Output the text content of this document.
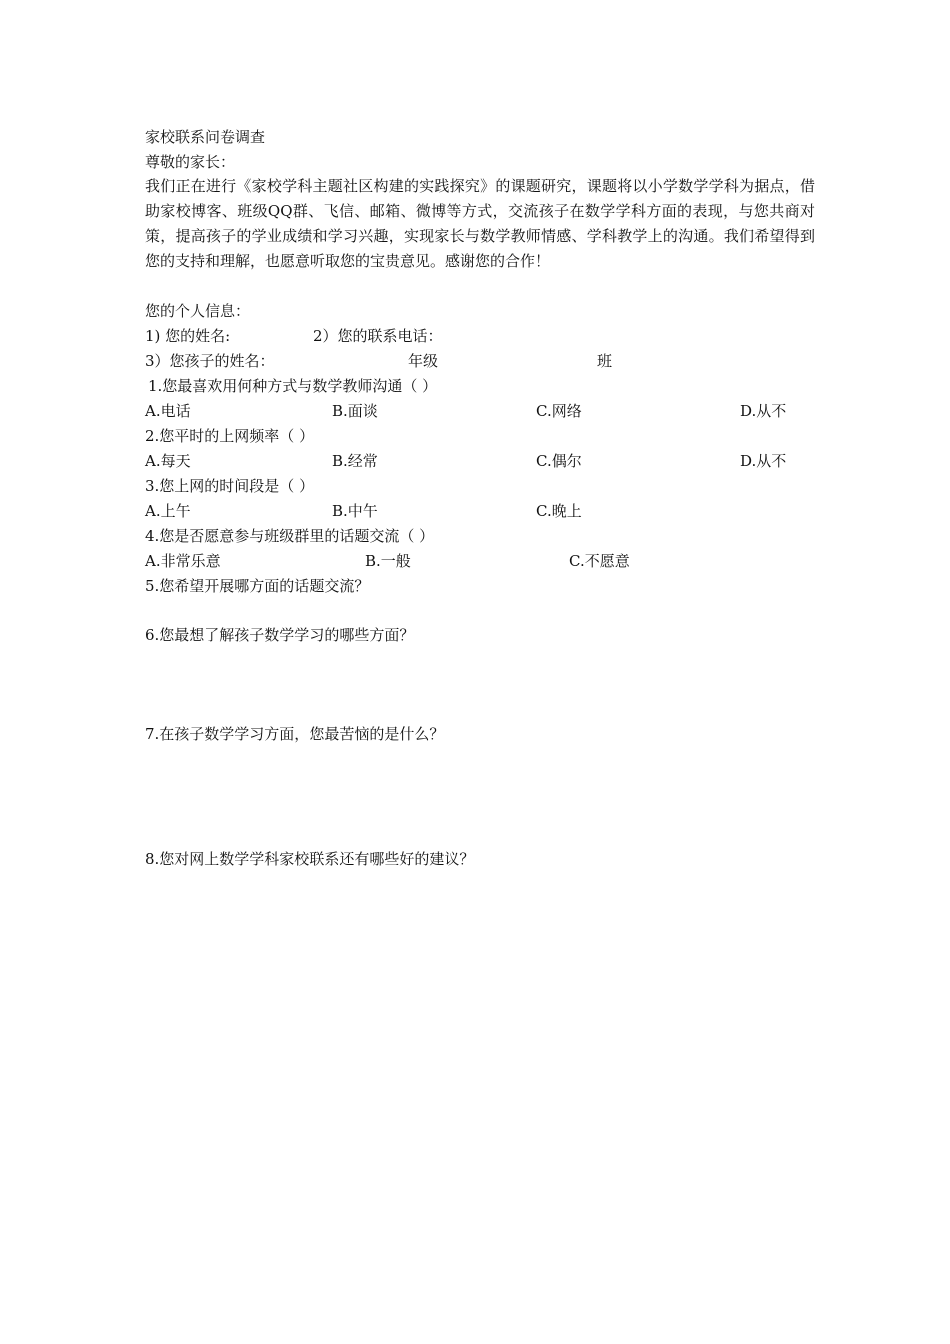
家校联系问卷调查
尊敬的家长：
我们正在进行《家校学科主题社区构建的实践探究》的课题研究，课题将以小学数学学科为据点，借助家校博客、班级QQ群、飞信、邮箱、微博等方式，交流孩子在数学学科方面的表现，与您共商对策，提高孩子的学业成绩和学习兴趣，实现家长与数学教师情感、学科教学上的沟通。我们希望得到您的支持和理解，也愿意听取您的宝贵意见。感谢您的合作！
您的个人信息：
1) 您的姓名:	2）您的联系电话：
3）您孩子的姓名：	年级	班
1.您最喜欢用何种方式与数学教师沟通（ ）
A.电话	B.面谈	C.网络	D.从不
2.您平时的上网频率（ ）
A.每天	B.经常	C.偶尔	D.从不
3.您上网的时间段是（ ）
A.上午	B.中午	C.晚上
4.您是否愿意参与班级群里的话题交流（ ）
A.非常乐意	B.一般	C.不愿意
5.您希望开展哪方面的话题交流？
6.您最想了解孩子数学学习的哪些方面？
7.在孩子数学学习方面，您最苦恼的是什么？
8.您对网上数学学科家校联系还有哪些好的建议？
